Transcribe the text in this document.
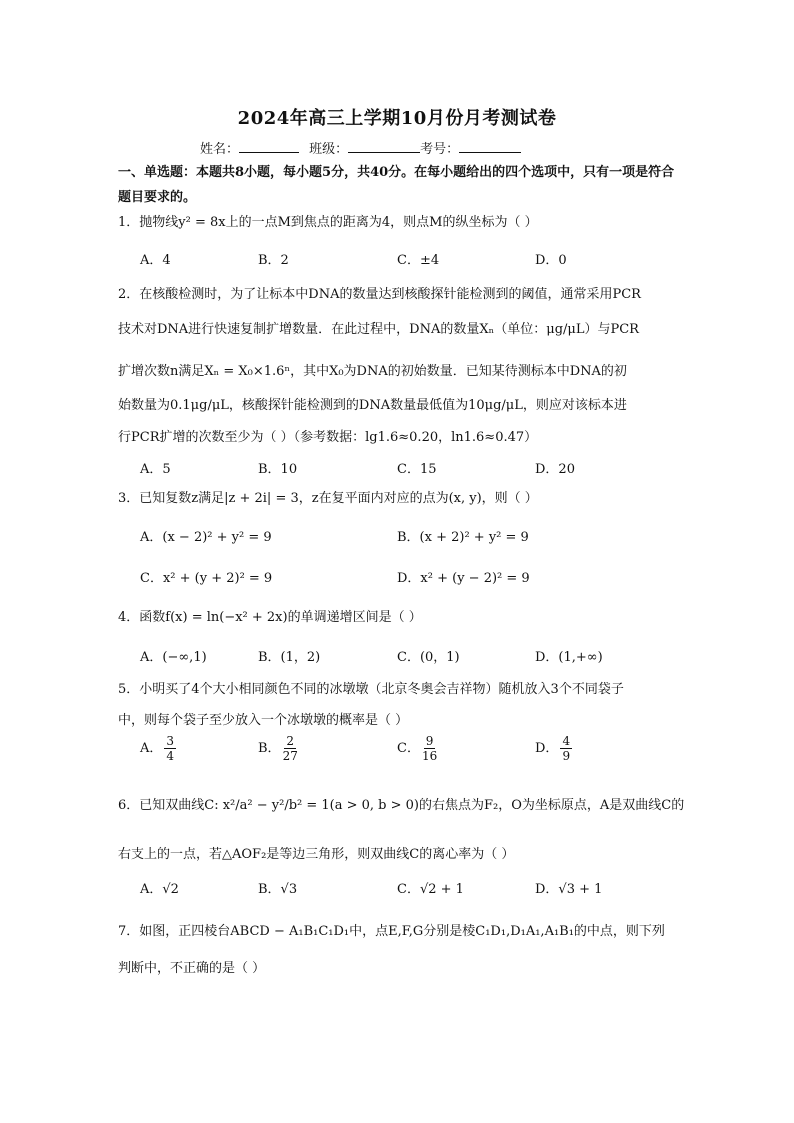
2024年高三上学期10月份月考测试卷
姓名：	班级：	考号：
一、单选题：本题共8小题，每小题5分，共40分。在每小题给出的四个选项中，只有一项是符合题目要求的。
1．抛物线y² = 8x上的一点M到焦点的距离为4，则点M的纵坐标为（ ）
A．4	B．2	C．±4	D．0
2．在核酸检测时，为了让标本中DNA的数量达到核酸探针能检测到的阈值，通常采用PCR
技术对DNA进行快速复制扩增数量．在此过程中，DNA的数量Xₙ（单位：μg/μL）与PCR
扩增次数n满足Xₙ = X₀×1.6ⁿ，其中X₀为DNA的初始数量．已知某待测标本中DNA的初
始数量为0.1μg/μL，核酸探针能检测到的DNA数量最低值为10μg/μL，则应对该标本进
行PCR扩增的次数至少为（ ）（参考数据：lg1.6≈0.20，ln1.6≈0.47）
A．5	B．10	C．15	D．20
3．已知复数z满足|z + 2i| = 3，z在复平面内对应的点为(x, y)，则（ ）
A．(x − 2)² + y² = 9	B．(x + 2)² + y² = 9
C．x² + (y + 2)² = 9	D．x² + (y − 2)² = 9
4．函数f(x) = ln(−x² + 2x)的单调递增区间是（ ）
A．(−∞,1)	B．(1，2)	C．(0，1)	D．(1,+∞)
5．小明买了4个大小相同颜色不同的冰墩墩（北京冬奥会吉祥物）随机放入3个不同袋子
中，则每个袋子至少放入一个冰墩墩的概率是（ ）
A． $\frac{3}{4}$	B． $\frac{2}{27}$	C． $\frac{9}{16}$	D． $\frac{4}{9}$
6．已知双曲线C: x²/a² − y²/b² = 1(a > 0, b > 0)的右焦点为F₂，O为坐标原点，A是双曲线C的
右支上的一点，若△AOF₂是等边三角形，则双曲线C的离心率为（ ）
A．√2	B．√3	C．√2 + 1	D．√3 + 1
7．如图，正四棱台ABCD − A₁B₁C₁D₁中，点E,F,G分别是棱C₁D₁,D₁A₁,A₁B₁的中点，则下列
判断中，不正确的是（ ）
